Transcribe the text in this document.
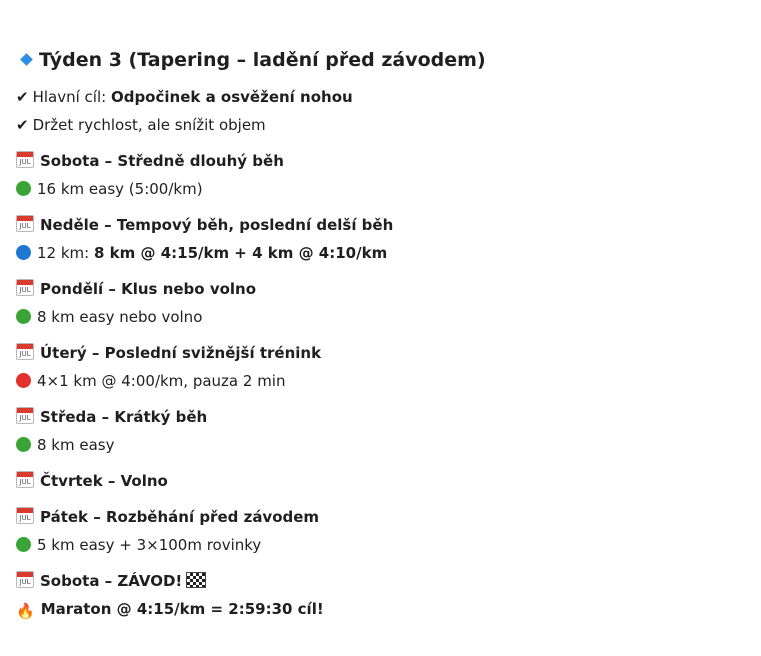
Týden 3 (Tapering – ladění před závodem)

✔ Hlavní cíl: Odpočinek a osvěžení nohou

✔ Držet rychlost, ale snížit objem

JUL Sobota – Středně dlouhý běh

16 km easy (5:00/km)

JUL Neděle – Tempový běh, poslední delší běh

12 km: 8 km @ 4:15/km + 4 km @ 4:10/km

JUL Pondělí – Klus nebo volno

8 km easy nebo volno

JUL Úterý – Poslední svižnější trénink

4×1 km @ 4:00/km, pauza 2 min

JUL Středa – Krátký běh

8 km easy

JUL Čtvrtek – Volno

JUL Pátek – Rozběhání před závodem

5 km easy + 3×100m rovinky

JUL Sobota – ZÁVOD!

🔥 Maraton @ 4:15/km = 2:59:30 cíl!
